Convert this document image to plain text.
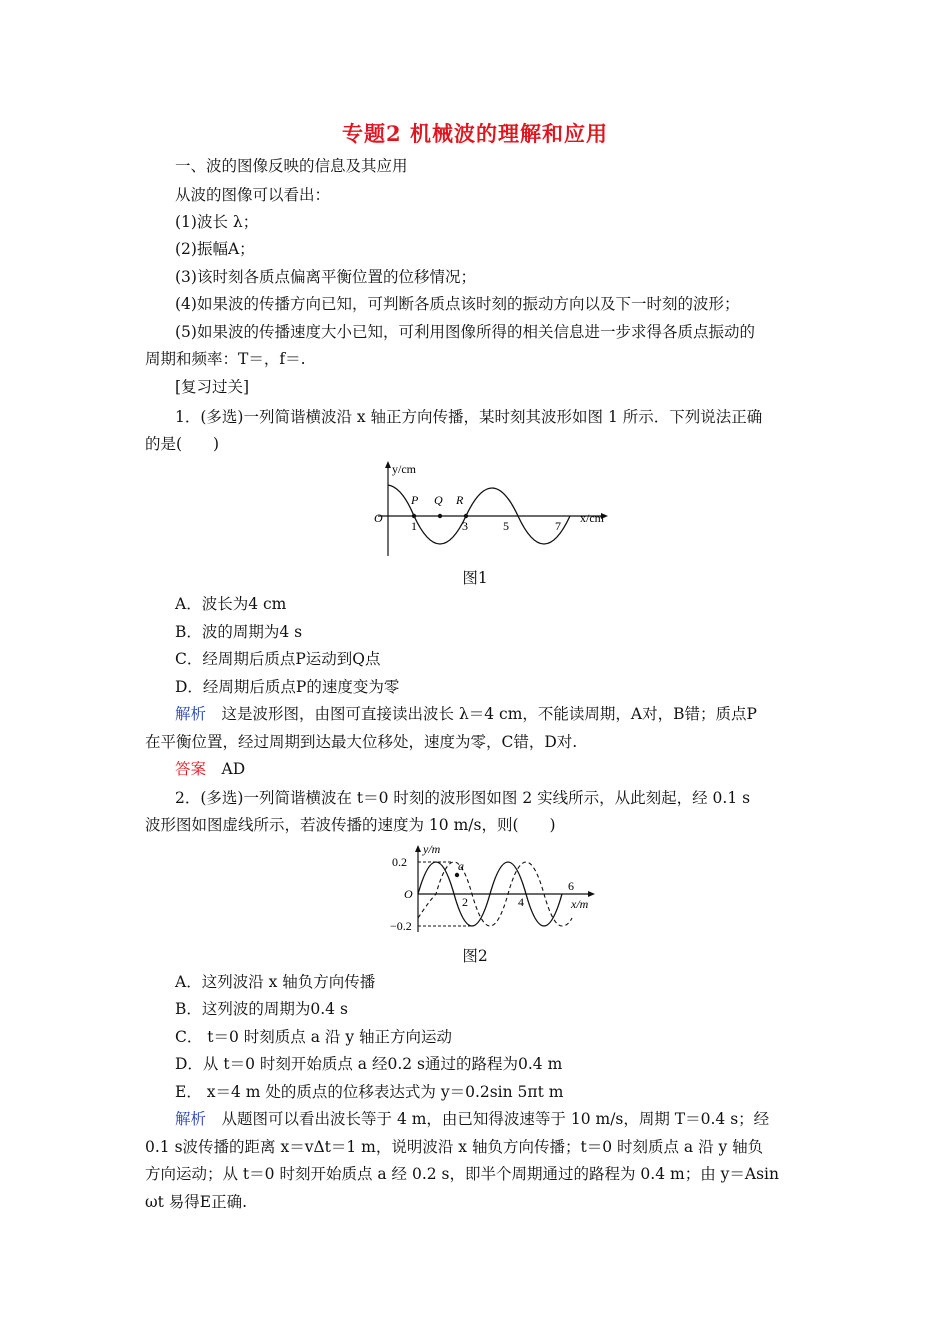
专题2 机械波的理解和应用
一、波的图像反映的信息及其应用
从波的图像可以看出：
(1)波长 λ；
(2)振幅A；
(3)该时刻各质点偏离平衡位置的位移情况；
(4)如果波的传播方向已知，可判断各质点该时刻的振动方向以及下一时刻的波形；
(5)如果波的传播速度大小已知，可利用图像所得的相关信息进一步求得各质点振动的
周期和频率：T＝，f＝.
[复习过关]
1．(多选)一列简谐横波沿 x 轴正方向传播，某时刻其波形如图 1 所示．下列说法正确
的是(　　)
y/cm
x/cm
O
P Q R
1	3	5	7
图1
A．波长为4 cm
B．波的周期为4 s
C．经周期后质点P运动到Q点
D．经周期后质点P的速度变为零
解析　这是波形图，由图可直接读出波长 λ＝4 cm，不能读周期，A对，B错；质点P
在平衡位置，经过周期到达最大位移处，速度为零，C错，D对.
答案　AD
2．(多选)一列简谐横波在 t＝0 时刻的波形图如图 2 实线所示，从此刻起，经 0.1 s
波形图如图虚线所示，若波传播的速度为 10 m/s，则(　　)
y/m
0.2
−0.2
O
a
2	4
6
x/m
图2
A．这列波沿 x 轴负方向传播
B．这列波的周期为0.4 s
C． t＝0 时刻质点 a 沿 y 轴正方向运动
D．从 t＝0 时刻开始质点 a 经0.2 s通过的路程为0.4 m
E． x＝4 m 处的质点的位移表达式为 y＝0.2sin 5πt m
解析　从题图可以看出波长等于 4 m，由已知得波速等于 10 m/s，周期 T＝0.4 s；经
0.1 s波传播的距离 x＝vΔt＝1 m，说明波沿 x 轴负方向传播；t＝0 时刻质点 a 沿 y 轴负
方向运动；从 t＝0 时刻开始质点 a 经 0.2 s，即半个周期通过的路程为 0.4 m；由 y＝Asin
ωt 易得E正确.
